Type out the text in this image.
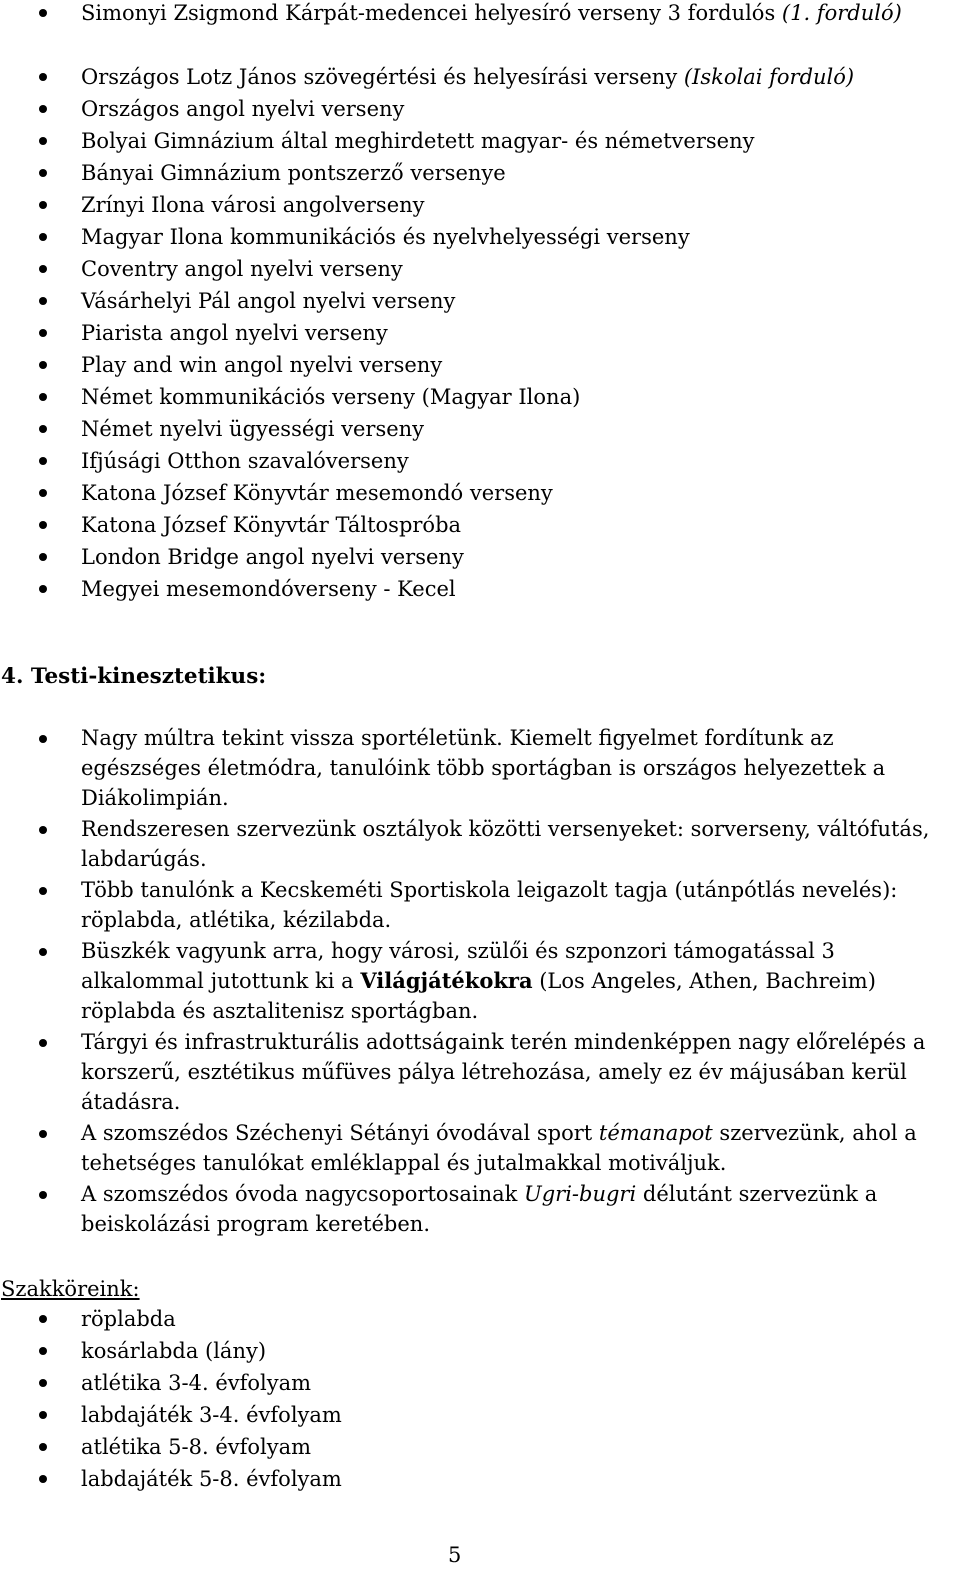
Simonyi Zsigmond Kárpát-medencei helyesíró verseny 3 fordulós (1. forduló)
Országos Lotz János szövegértési és helyesírási verseny (Iskolai forduló)
Országos angol nyelvi verseny
Bolyai Gimnázium által meghirdetett magyar- és németverseny
Bányai Gimnázium pontszerző versenye
Zrínyi Ilona városi angolverseny
Magyar Ilona kommunikációs és nyelvhelyességi verseny
Coventry angol nyelvi verseny
Vásárhelyi Pál angol nyelvi verseny
Piarista angol nyelvi verseny
Play and win angol nyelvi verseny
Német kommunikációs verseny (Magyar Ilona)
Német nyelvi ügyességi verseny
Ifjúsági Otthon szavalóverseny
Katona József Könyvtár mesemondó verseny
Katona József Könyvtár Táltospróba
London Bridge angol nyelvi verseny
Megyei mesemondóverseny - Kecel
4. Testi-kinesztetikus:
Nagy múltra tekint vissza sportéletünk. Kiemelt figyelmet fordítunk az egészséges életmódra, tanulóink több sportágban is országos helyezettek a Diákolimpián.
Rendszeresen szervezünk osztályok közötti versenyeket: sorverseny, váltófutás, labdarúgás.
Több tanulónk a Kecskeméti Sportiskola leigazolt tagja (utánpótlás nevelés): röplabda, atlétika, kézilabda.
Büszkék vagyunk arra, hogy városi, szülői és szponzori támogatással 3 alkalommal jutottunk ki a Világjátékokra (Los Angeles, Athen, Bachreim) röplabda és asztalitenisz sportágban.
Tárgyi és infrastrukturális adottságaink terén mindenképpen nagy előrelépés a korszerű, esztétikus műfüves pálya létrehozása, amely ez év májusában kerül átadásra.
A szomszédos Széchenyi Sétányi óvodával sport témanapot szervezünk, ahol a tehetséges tanulókat emléklappal és jutalmakkal motiváljuk.
A szomszédos óvoda nagycsoportosainak Ugri-bugri délutánt szervezünk a beiskolázási program keretében.
Szakköreink:
röplabda
kosárlabda (lány)
atlétika 3-4. évfolyam
labdajáték 3-4. évfolyam
atlétika 5-8. évfolyam
labdajáték 5-8. évfolyam
5
